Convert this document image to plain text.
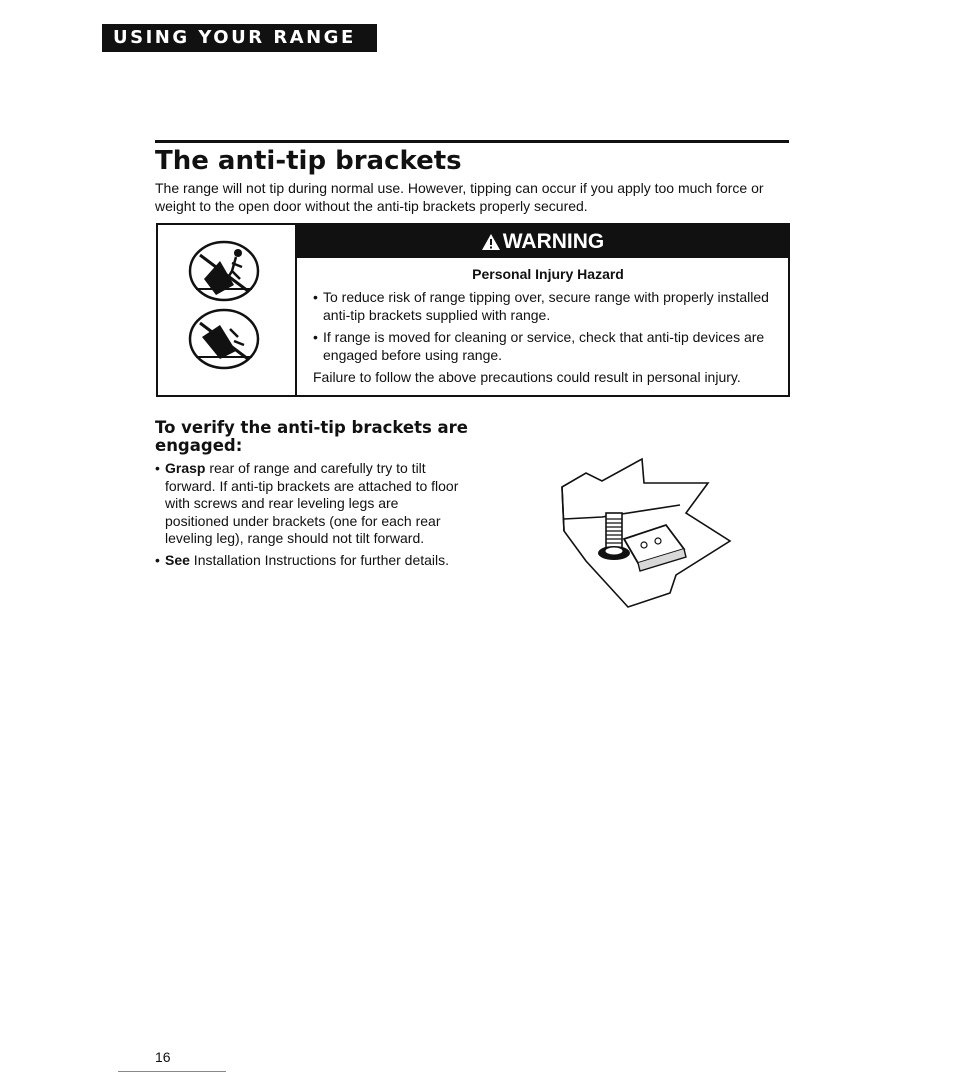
USING YOUR RANGE
The anti-tip brackets

The range will not tip during normal use. However, tipping can occur if you apply too much force or weight to the open door without the anti-tip brackets properly secured.

WARNING
Personal Injury Hazard
• To reduce risk of range tipping over, secure range with properly installed anti-tip brackets supplied with range.
• If range is moved for cleaning or service, check that anti-tip devices are engaged before using range.
Failure to follow the above precautions could result in personal injury.
To verify the anti-tip brackets are engaged:
• Grasp rear of range and carefully try to tilt forward. If anti-tip brackets are attached to floor with screws and rear leveling legs are positioned under brackets (one for each rear leveling leg), range should not tilt forward.
• See Installation Instructions for further details.
16
